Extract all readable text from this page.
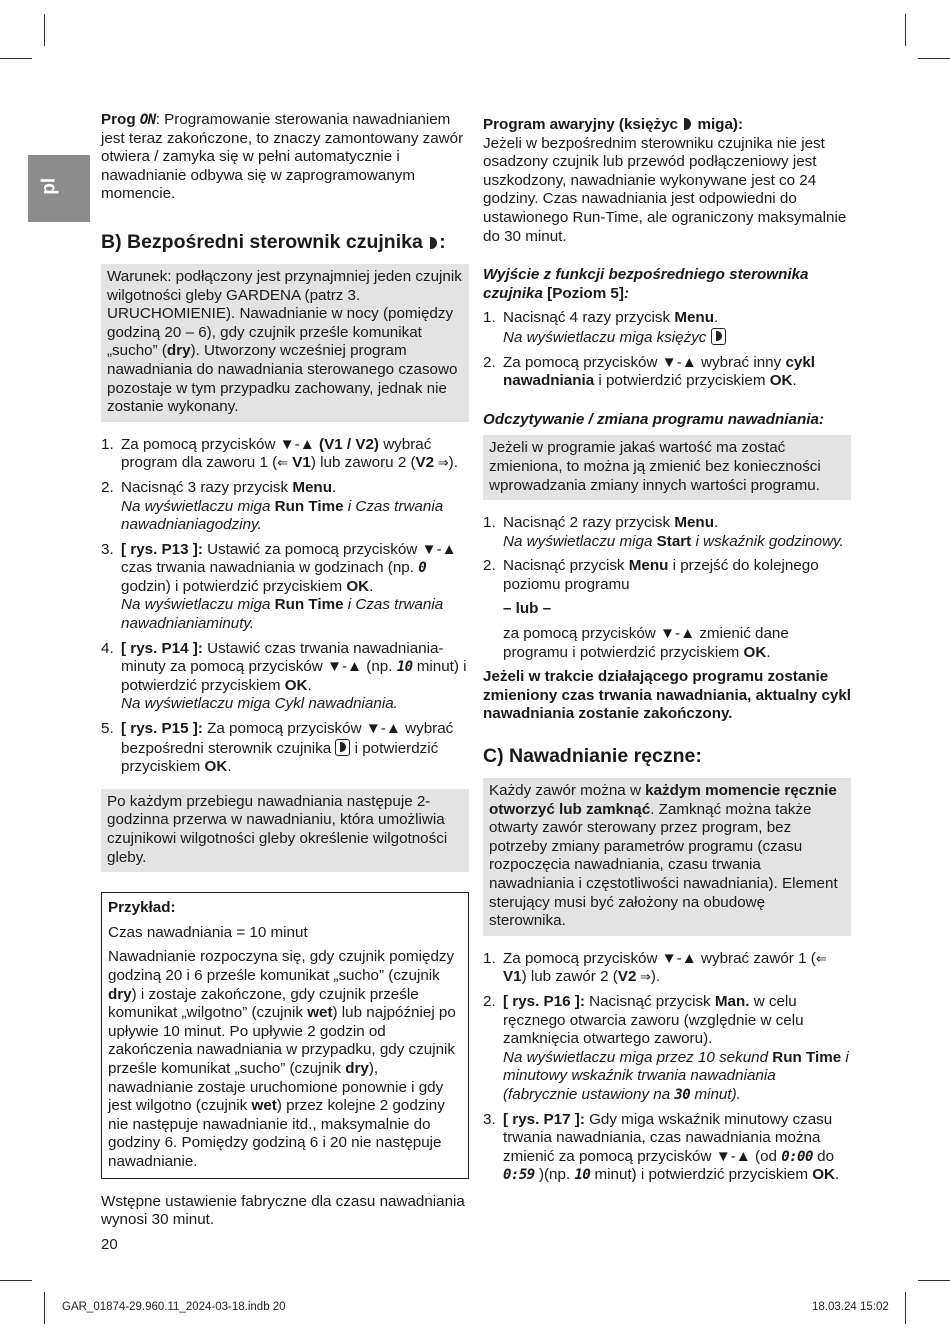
pl

Prog ON: Programowanie sterowania nawadnianiem jest teraz zakończone, to znaczy zamontowany zawór otwiera / zamyka się w pełni automatycznie i nawadnianie odbywa się w zaprogramowanym momencie.

B) Bezpośredni sterownik czujnika :
Warunek: podłączony jest przynajmniej jeden czujnik wilgotności gleby GARDENA (patrz 3. URUCHOMIENIE). Nawadnianie w nocy (pomiędzy godziną 20 – 6), gdy czujnik prześle komunikat „sucho” (dry). Utworzony wcześniej program nawadniania do nawadniania sterowanego czasowo pozostaje w tym przypadku zachowany, jednak nie zostanie wykonany.
1. Za pomocą przycisków ▼-▲ (V1 / V2) wybrać program dla zaworu 1 (⇐ V1) lub zaworu 2 (V2 ⇒).
2. Nacisnąć 3 razy przycisk Menu.
Na wyświetlaczu miga Run Time i Czas trwania nawadnianiagodziny.
3. [ rys. P13 ]: Ustawić za pomocą przycisków ▼-▲ czas trwania nawadniania w godzinach (np. 0 godzin) i potwierdzić przyciskiem OK.
Na wyświetlaczu miga Run Time i Czas trwania nawadnianiaminuty.
4. [ rys. P14 ]: Ustawić czas trwania nawadnianiaminuty za pomocą przycisków ▼-▲ (np. 10 minut) i potwierdzić przyciskiem OK.
Na wyświetlaczu miga Cykl nawadniania.
5. [ rys. P15 ]: Za pomocą przycisków ▼-▲ wybrać bezpośredni sterownik czujnika  i potwierdzić przyciskiem OK.
Po każdym przebiegu nawadniania następuje 2-godzinna przerwa w nawadnianiu, która umożliwia czujnikowi wilgotności gleby określenie wilgotności gleby.

Przykład:

Czas nawadniania = 10 minut

Nawadnianie rozpoczyna się, gdy czujnik pomiędzy godziną 20 i 6 prześle komunikat „sucho” (czujnik dry) i zostaje zakończone, gdy czujnik prześle komunikat „wilgotno” (czujnik wet) lub najpóźniej po upływie 10 minut. Po upływie 2 godzin od zakończenia nawadniania w przypadku, gdy czujnik prześle komunikat „sucho” (czujnik dry), nawadnianie zostaje uruchomione ponownie i gdy jest wilgotno (czujnik wet) przez kolejne 2 godziny nie następuje nawadnianie itd., maksymalnie do godziny 6. Pomiędzy godziną 6 i 20 nie następuje nawadnianie.

Wstępne ustawienie fabryczne dla czasu nawadniania wynosi 30 minut.

Program awaryjny (księżyc  miga):

Jeżeli w bezpośrednim sterowniku czujnika nie jest osadzony czujnik lub przewód podłączeniowy jest uszkodzony, nawadnianie wykonywane jest co 24 godziny. Czas nawadniania jest odpowiedni do ustawionego Run-Time, ale ograniczony maksymalnie do 30 minut.

Wyjście z funkcji bezpośredniego sterownika czujnika [Poziom 5]:

1. Nacisnąć 4 razy przycisk Menu.
Na wyświetlaczu miga księżyc
2. Za pomocą przycisków ▼-▲ wybrać inny cykl nawadniania i potwierdzić przyciskiem OK.

Odczytywanie / zmiana programu nawadniania:

Jeżeli w programie jakaś wartość ma zostać zmieniona, to można ją zmienić bez konieczności wprowadzania zmiany innych wartości programu.
1. Nacisnąć 2 razy przycisk Menu.
Na wyświetlaczu miga Start i wskaźnik godzinowy.
2. Nacisnąć przycisk Menu i przejść do kolejnego poziomu programu
– lub –
za pomocą przycisków ▼-▲ zmienić dane programu i potwierdzić przyciskiem OK.

Jeżeli w trakcie działającego programu zostanie zmieniony czas trwania nawadniania, aktualny cykl nawadniania zostanie zakończony.

C) Nawadnianie ręczne:
Każdy zawór można w każdym momencie ręcznie otworzyć lub zamknąć. Zamknąć można także otwarty zawór sterowany przez program, bez potrzeby zmiany parametrów programu (czasu rozpoczęcia nawadniania, czasu trwania nawadniania i częstotliwości nawadniania). Element sterujący musi być założony na obudowę sterownika.
1. Za pomocą przycisków ▼-▲ wybrać zawór 1 (⇐ V1) lub zawór 2 (V2 ⇒).
2. [ rys. P16 ]: Nacisnąć przycisk Man. w celu ręcznego otwarcia zaworu (względnie w celu zamknięcia otwartego zaworu).
Na wyświetlaczu miga przez 10 sekund Run Time i minutowy wskaźnik trwania nawadniania (fabrycznie ustawiony na 30 minut).
3. [ rys. P17 ]: Gdy miga wskaźnik minutowy czasu trwania nawadniania, czas nawadniania można zmienić za pomocą przycisków ▼-▲ (od 0:00 do 0:59 )(np. 10 minut) i potwierdzić przyciskiem OK.
20
GAR_01874-29.960.11_2024-03-18.indb 20	18.03.24 15:02
